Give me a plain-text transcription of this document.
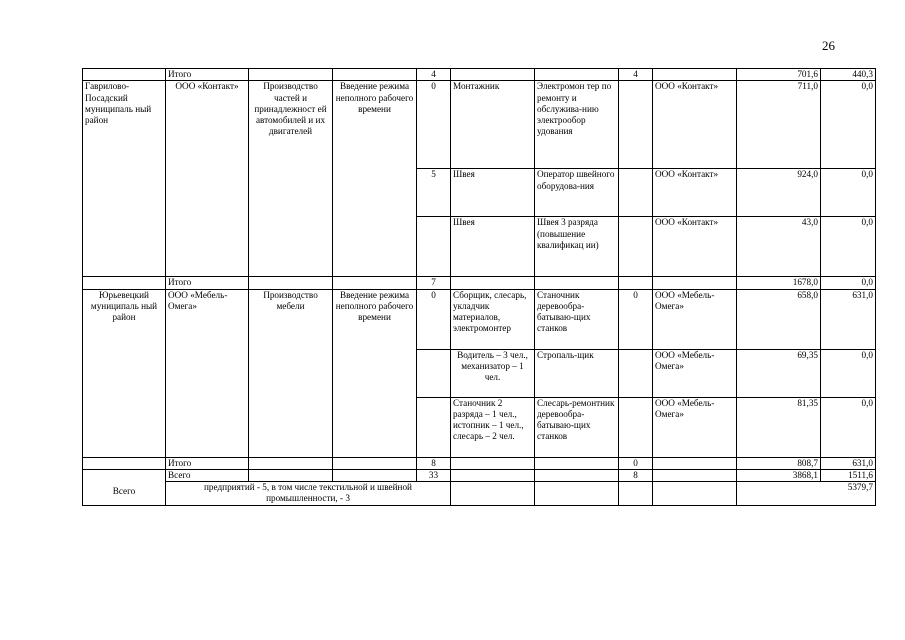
26
	Итого			4			4		701,6	440,3
Гаврилово-Посадский муниципаль ный район	ООО «Контакт»	Производство частей и принадлежност ей автомобилей и их двигателей	Введение режима неполного рабочего времени	0	Монтажник	Электромон тер по ремонту и обслужива-нию электрообор удования		ООО «Контакт»	711,0	0,0
				5	Швея	Оператор швейного оборудова-ния		ООО «Контакт»	924,0	0,0
					Швея	Швея 3 разряда (повышение квалификац ии)		ООО «Контакт»	43,0	0,0
	Итого			7					1678,0	0,0
Юрьевецкий муниципаль ный район	ООО «Мебель-Омега»	Производство мебели	Введение режима неполного рабочего времени	0	Сборщик, слесарь, укладчик материалов, электромонтер	Станочник деревообра-батываю-щих станков	0	ООО «Мебель-Омега»	658,0	631,0
					Водитель – 3 чел., механизатор – 1 чел.	Стропаль-щик		ООО «Мебель-Омега»	69,35	0,0
					Станочник 2 разряда – 1 чел., истопник – 1 чел., слесарь – 2 чел.	Слесарь-ремонтник деревообра-батываю-щих станков		ООО «Мебель-Омега»	81,35	0,0
	Итого			8			0		808,7	631,0
Всего	Всего			33			8		3868,1	1511,6
	предприятий - 5, в том числе текстильной и швейной промышленности, - 3								5379,7	
